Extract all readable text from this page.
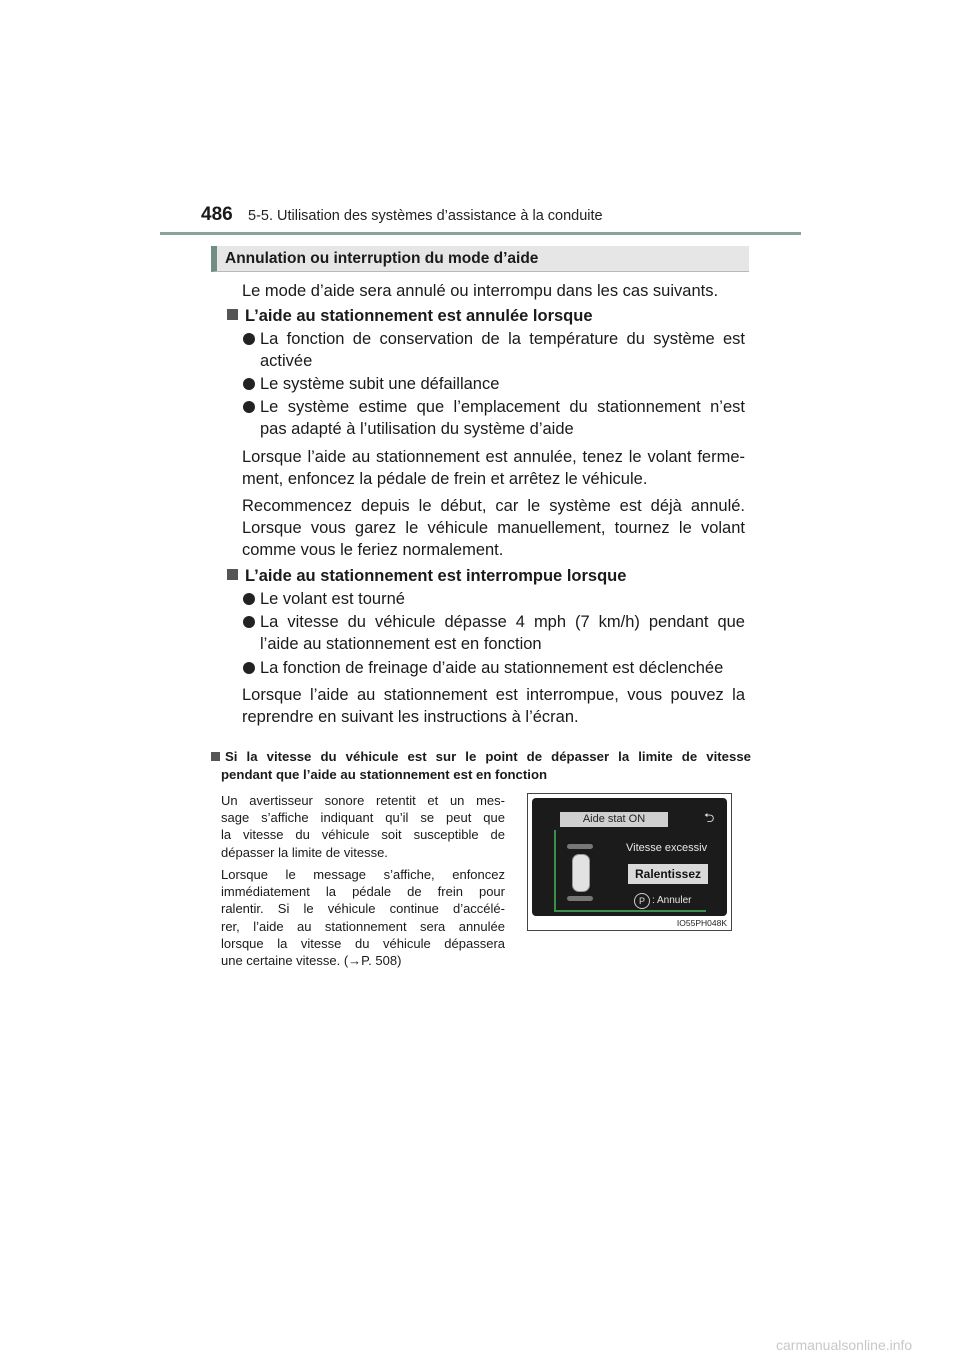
486 5-5. Utilisation des systèmes d’assistance à la conduite
Annulation ou interruption du mode d’aide
Le mode d’aide sera annulé ou interrompu dans les cas suivants.
L’aide au stationnement est annulée lorsque
La fonction de conservation de la température du système est
activée
Le système subit une défaillance
Le système estime que l’emplacement du stationnement n’est
pas adapté à l’utilisation du système d’aide
Lorsque l’aide au stationnement est annulée, tenez le volant ferme-
ment, enfoncez la pédale de frein et arrêtez le véhicule.
Recommencez depuis le début, car le système est déjà annulé.
Lorsque vous garez le véhicule manuellement, tournez le volant
comme vous le feriez normalement.
L’aide au stationnement est interrompue lorsque
Le volant est tourné
La vitesse du véhicule dépasse 4 mph (7 km/h) pendant que
l’aide au stationnement est en fonction
La fonction de freinage d’aide au stationnement est déclenchée
Lorsque l’aide au stationnement est interrompue, vous pouvez la
reprendre en suivant les instructions à l’écran.
Si la vitesse du véhicule est sur le point de dépasser la limite de vitesse
pendant que l’aide au stationnement est en fonction
Un avertisseur sonore retentit et un mes-
sage s’affiche indiquant qu’il se peut que
la vitesse du véhicule soit susceptible de
dépasser la limite de vitesse.
Lorsque le message s’affiche, enfoncez
immédiatement la pédale de frein pour
ralentir. Si le véhicule continue d’accélé-
rer, l’aide au stationnement sera annulée
lorsque la vitesse du véhicule dépassera
une certaine vitesse. (→P. 508)
Aide stat ON	⮌
Vitesse excessiv
Ralentissez
P : Annuler
IO55PH048K
carmanualsonline.info
